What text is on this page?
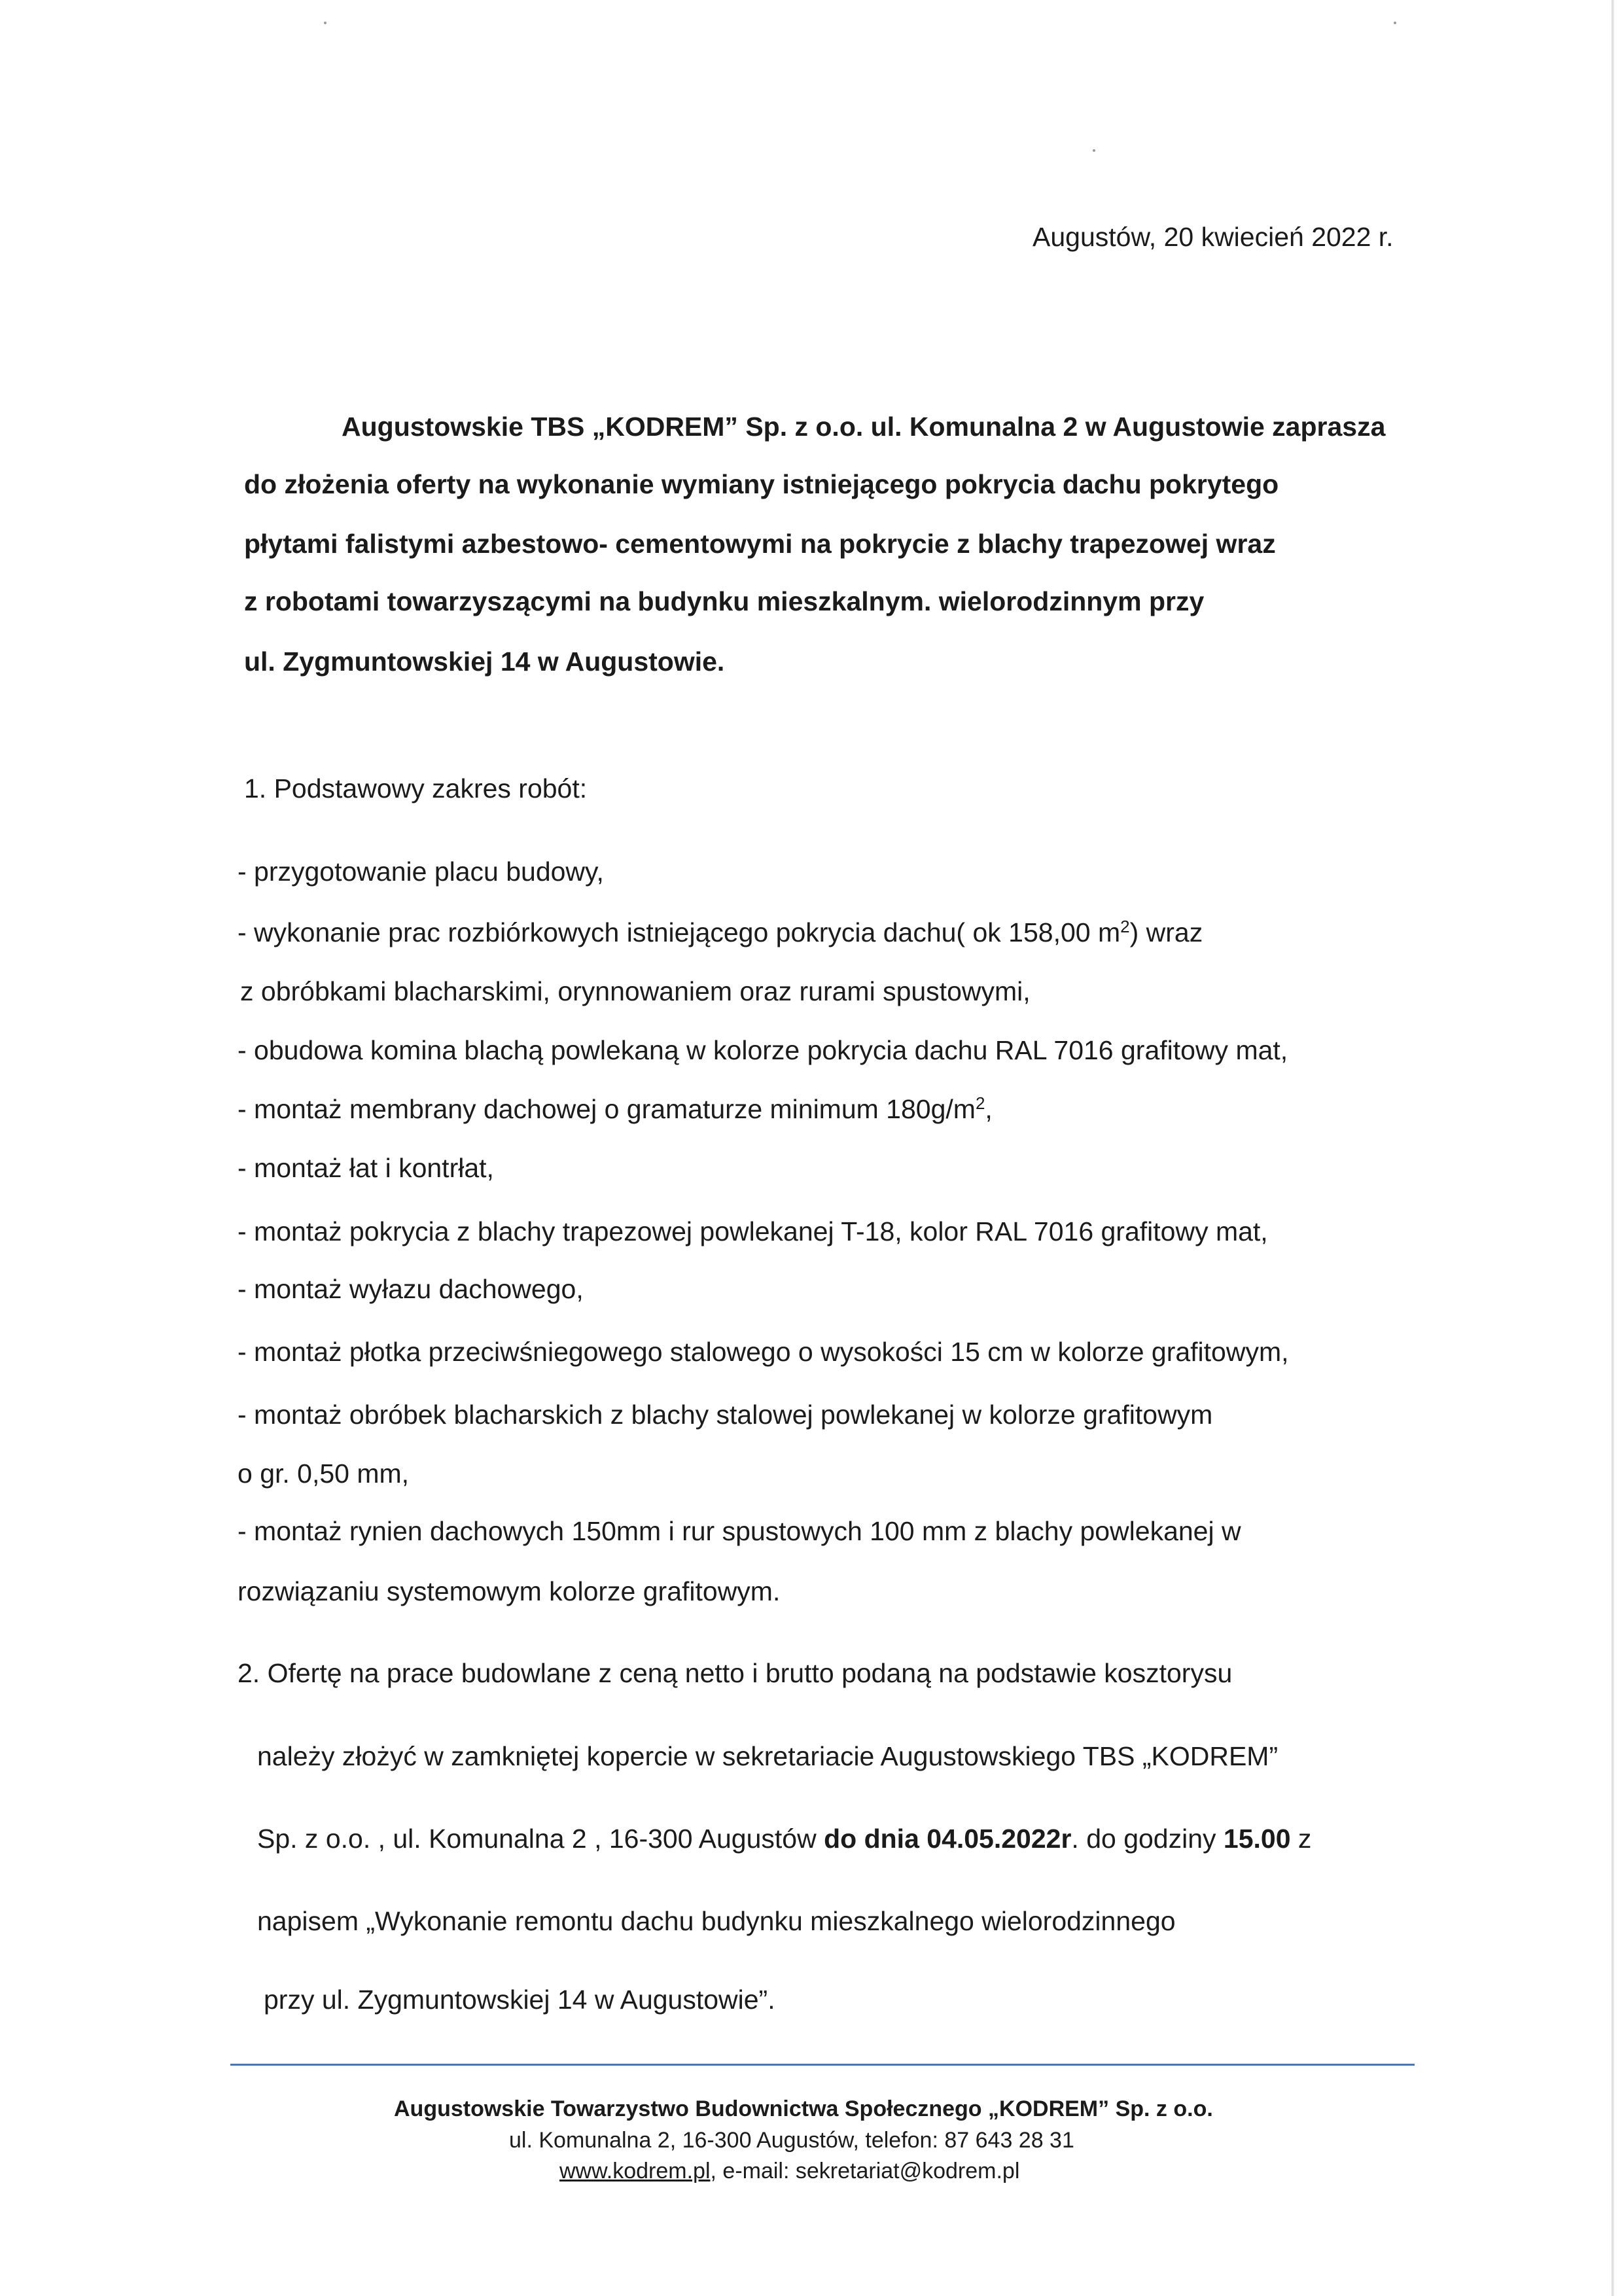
Augustów, 20 kwiecień 2022 r.
Augustowskie TBS „KODREM” Sp. z o.o. ul. Komunalna 2 w Augustowie zaprasza
do złożenia oferty na wykonanie wymiany istniejącego pokrycia dachu pokrytego
płytami falistymi azbestowo- cementowymi na pokrycie z blachy trapezowej wraz
z robotami towarzyszącymi na budynku mieszkalnym. wielorodzinnym przy
ul. Zygmuntowskiej 14 w Augustowie.
1. Podstawowy zakres robót:
- przygotowanie placu budowy,
- wykonanie prac rozbiórkowych istniejącego pokrycia dachu( ok 158,00 $m^2$) wraz
z obróbkami blacharskimi, orynnowaniem oraz rurami spustowymi,
- obudowa komina blachą powlekaną w kolorze pokrycia dachu RAL 7016 grafitowy mat,
- montaż membrany dachowej o gramaturze minimum $180g/m^2$,
- montaż łat i kontrłat,
- montaż pokrycia z blachy trapezowej powlekanej T-18, kolor RAL 7016 grafitowy mat,
- montaż wyłazu dachowego,
- montaż płotka przeciwśniegowego stalowego o wysokości 15 cm w kolorze grafitowym,
- montaż obróbek blacharskich z blachy stalowej powlekanej w kolorze grafitowym
o gr. 0,50 mm,
- montaż rynien dachowych 150mm i rur spustowych 100 mm z blachy powlekanej w
rozwiązaniu systemowym kolorze grafitowym.
2. Ofertę na prace budowlane z ceną netto i brutto podaną na podstawie kosztorysu
należy złożyć w zamkniętej kopercie w sekretariacie Augustowskiego TBS „KODREM”
Sp. z o.o. , ul. Komunalna 2 , 16-300 Augustów do dnia 04.05.2022r. do godziny 15.00 z
napisem „Wykonanie remontu dachu budynku mieszkalnego wielorodzinnego
przy ul. Zygmuntowskiej 14 w Augustowie”.
Augustowskie Towarzystwo Budownictwa Społecznego „KODREM” Sp. z o.o.
ul. Komunalna 2, 16-300 Augustów, telefon: 87 643 28 31
www.kodrem.pl, e-mail: sekretariat@kodrem.pl
